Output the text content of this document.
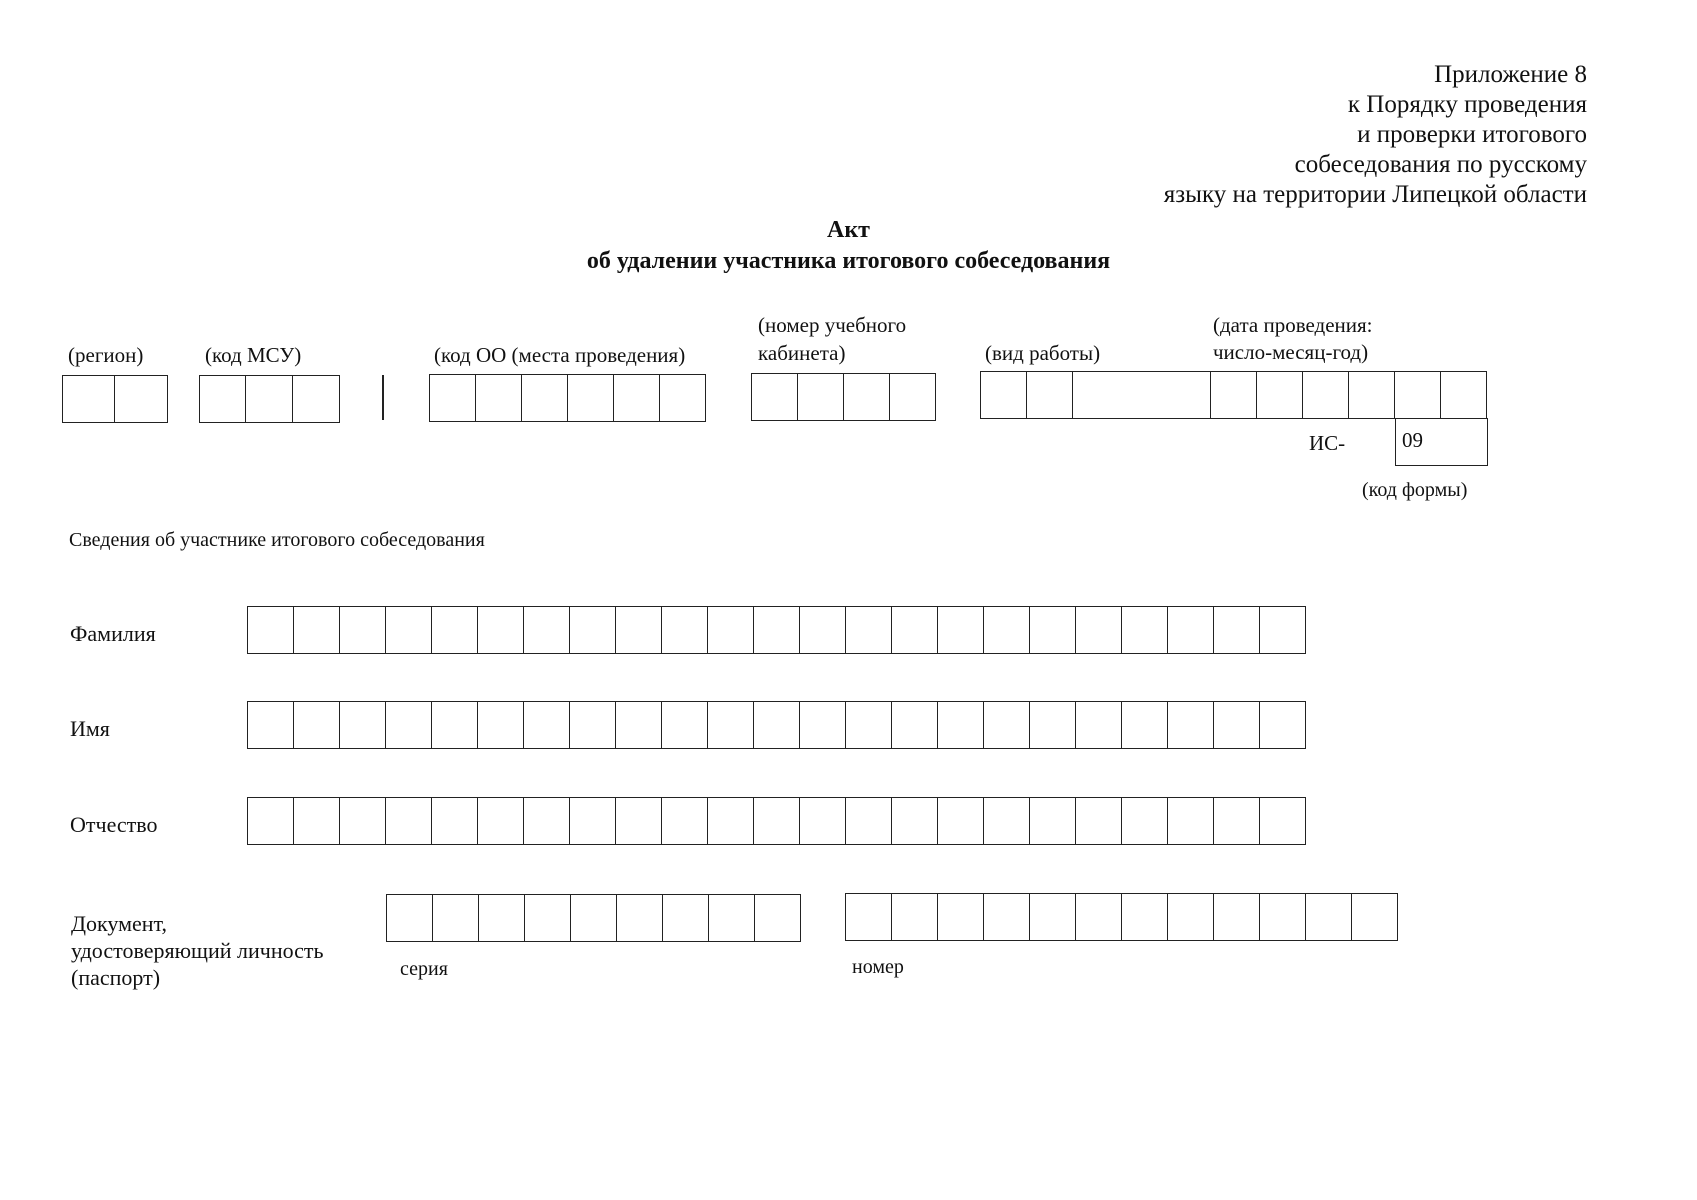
Приложение 8
к Порядку проведения
и проверки итогового
собеседования по русскому
языку на территории Липецкой области
Акт
об удалении участника итогового собеседования
(регион)	(код МСУ)	(код ОО (места проведения)
(номер учебного
кабинета)	(вид работы)
(дата проведения:
число-месяц-год)
ИС-	09
(код формы)
Сведения об участнике итогового собеседования
Фамилия
Имя
Отчество
Документ,
удостоверяющий личность
(паспорт)	серия	номер
